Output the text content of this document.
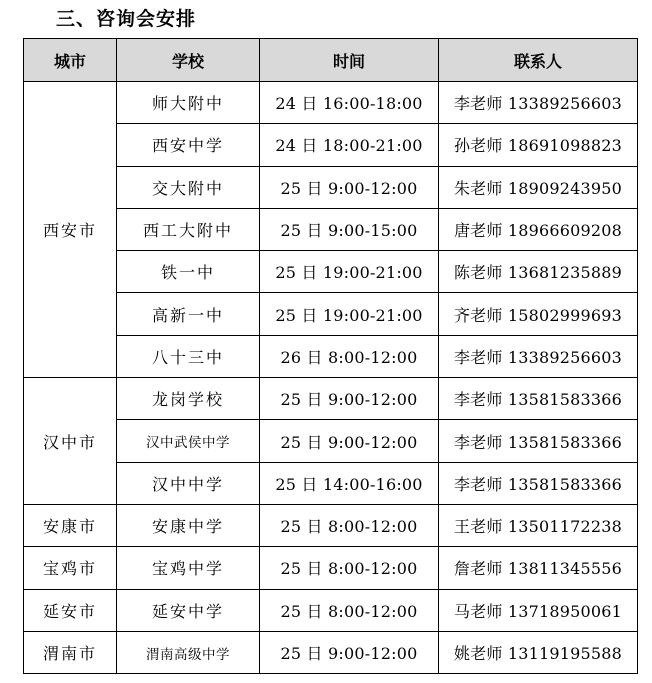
三、咨询会安排
城市	学校	时间	联系人
西安市	师大附中	24 日 16:00-18:00	李老师 13389256603
	西安中学	24 日 18:00-21:00	孙老师 18691098823
	交大附中	25 日 9:00-12:00	朱老师 18909243950
	西工大附中	25 日 9:00-15:00	唐老师 18966609208
	铁一中	25 日 19:00-21:00	陈老师 13681235889
	高新一中	25 日 19:00-21:00	齐老师 15802999693
	八十三中	26 日 8:00-12:00	李老师 13389256603
汉中市	龙岗学校	25 日 9:00-12:00	李老师 13581583366
	汉中武侯中学	25 日 9:00-12:00	李老师 13581583366
	汉中中学	25 日 14:00-16:00	李老师 13581583366
安康市	安康中学	25 日 8:00-12:00	王老师 13501172238
宝鸡市	宝鸡中学	25 日 8:00-12:00	詹老师 13811345556
延安市	延安中学	25 日 8:00-12:00	马老师 13718950061
渭南市	渭南高级中学	25 日 9:00-12:00	姚老师 13119195588
